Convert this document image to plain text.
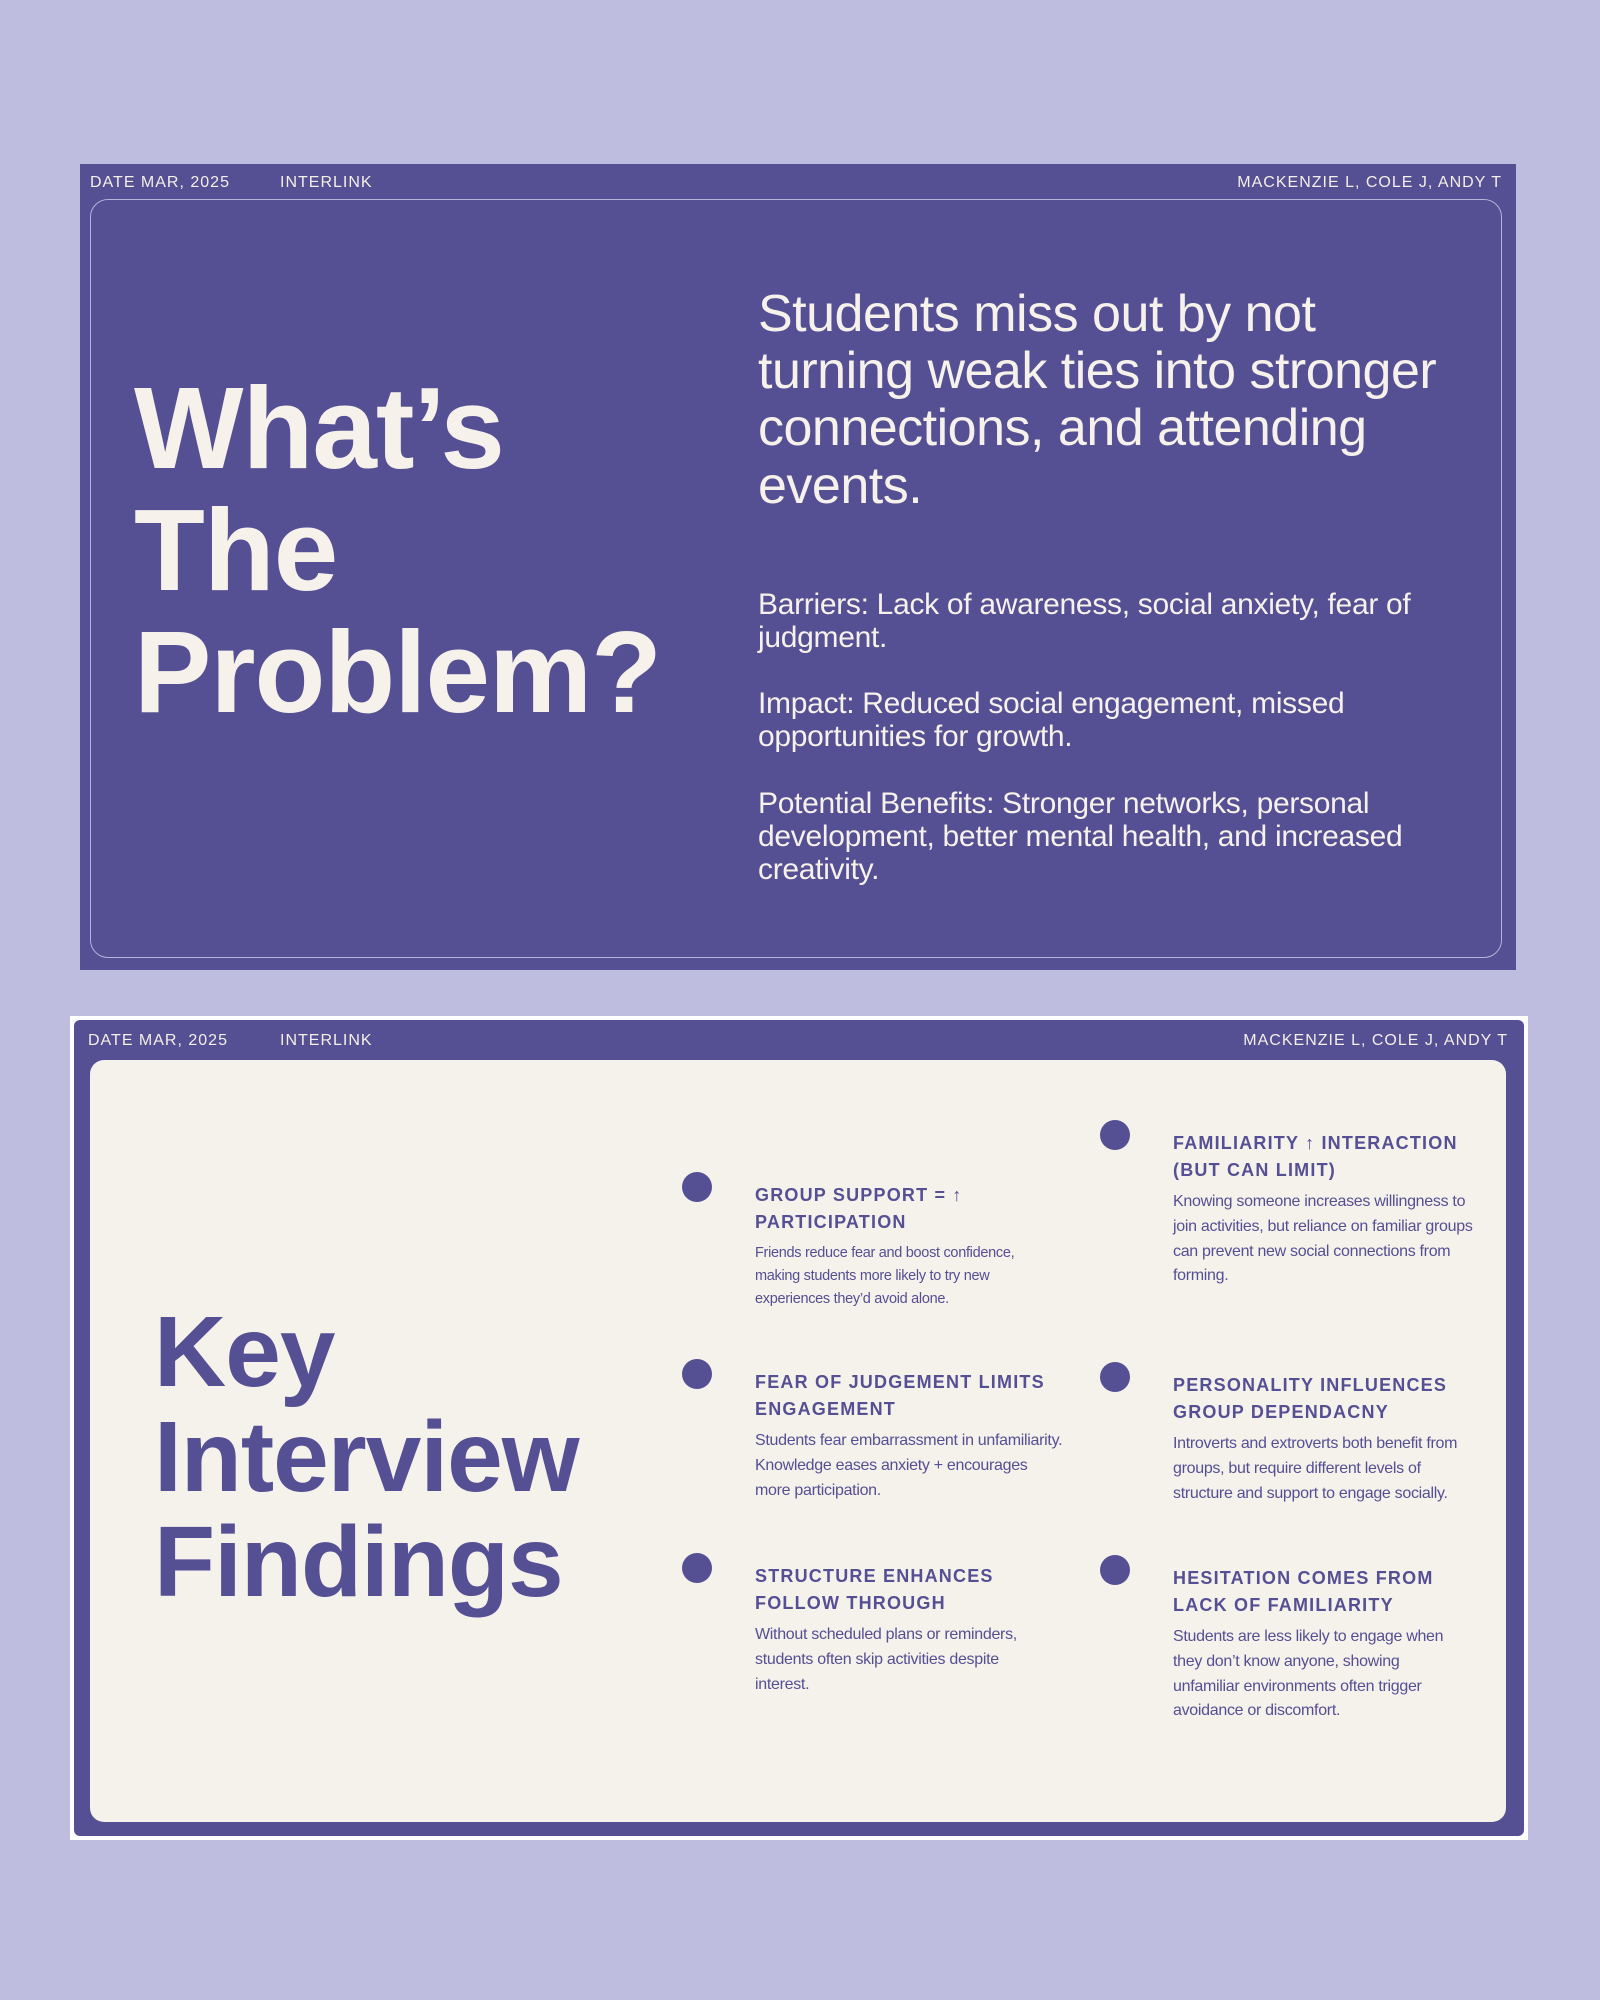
DATE MAR, 2025	INTERLINK	MACKENZIE L, COLE J, ANDY T
What’s
The
Problem?

Students miss out by not turning weak ties into stronger connections, and attending events.

Barriers: Lack of awareness, social anxiety, fear of judgment.

Impact: Reduced social engagement, missed opportunities for growth.

Potential Benefits: Stronger networks, personal development, better mental health, and increased creativity.

DATE MAR, 2025	INTERLINK	MACKENZIE L, COLE J, ANDY T
Key
Interview
Findings
GROUP SUPPORT = ↑ PARTICIPATION

Friends reduce fear and boost confidence, making students more likely to try new experiences they’d avoid alone.

FEAR OF JUDGEMENT LIMITS ENGAGEMENT

Students fear embarrassment in unfamiliarity. Knowledge eases anxiety + encourages more participation.

STRUCTURE ENHANCES FOLLOW THROUGH

Without scheduled plans or reminders, students often skip activities despite interest.

FAMILIARITY ↑ INTERACTION (BUT CAN LIMIT)

Knowing someone increases willingness to join activities, but reliance on familiar groups can prevent new social connections from forming.

PERSONALITY INFLUENCES GROUP DEPENDACNY

Introverts and extroverts both benefit from groups, but require different levels of structure and support to engage socially.

HESITATION COMES FROM LACK OF FAMILIARITY

Students are less likely to engage when they don’t know anyone, showing unfamiliar environments often trigger avoidance or discomfort.
